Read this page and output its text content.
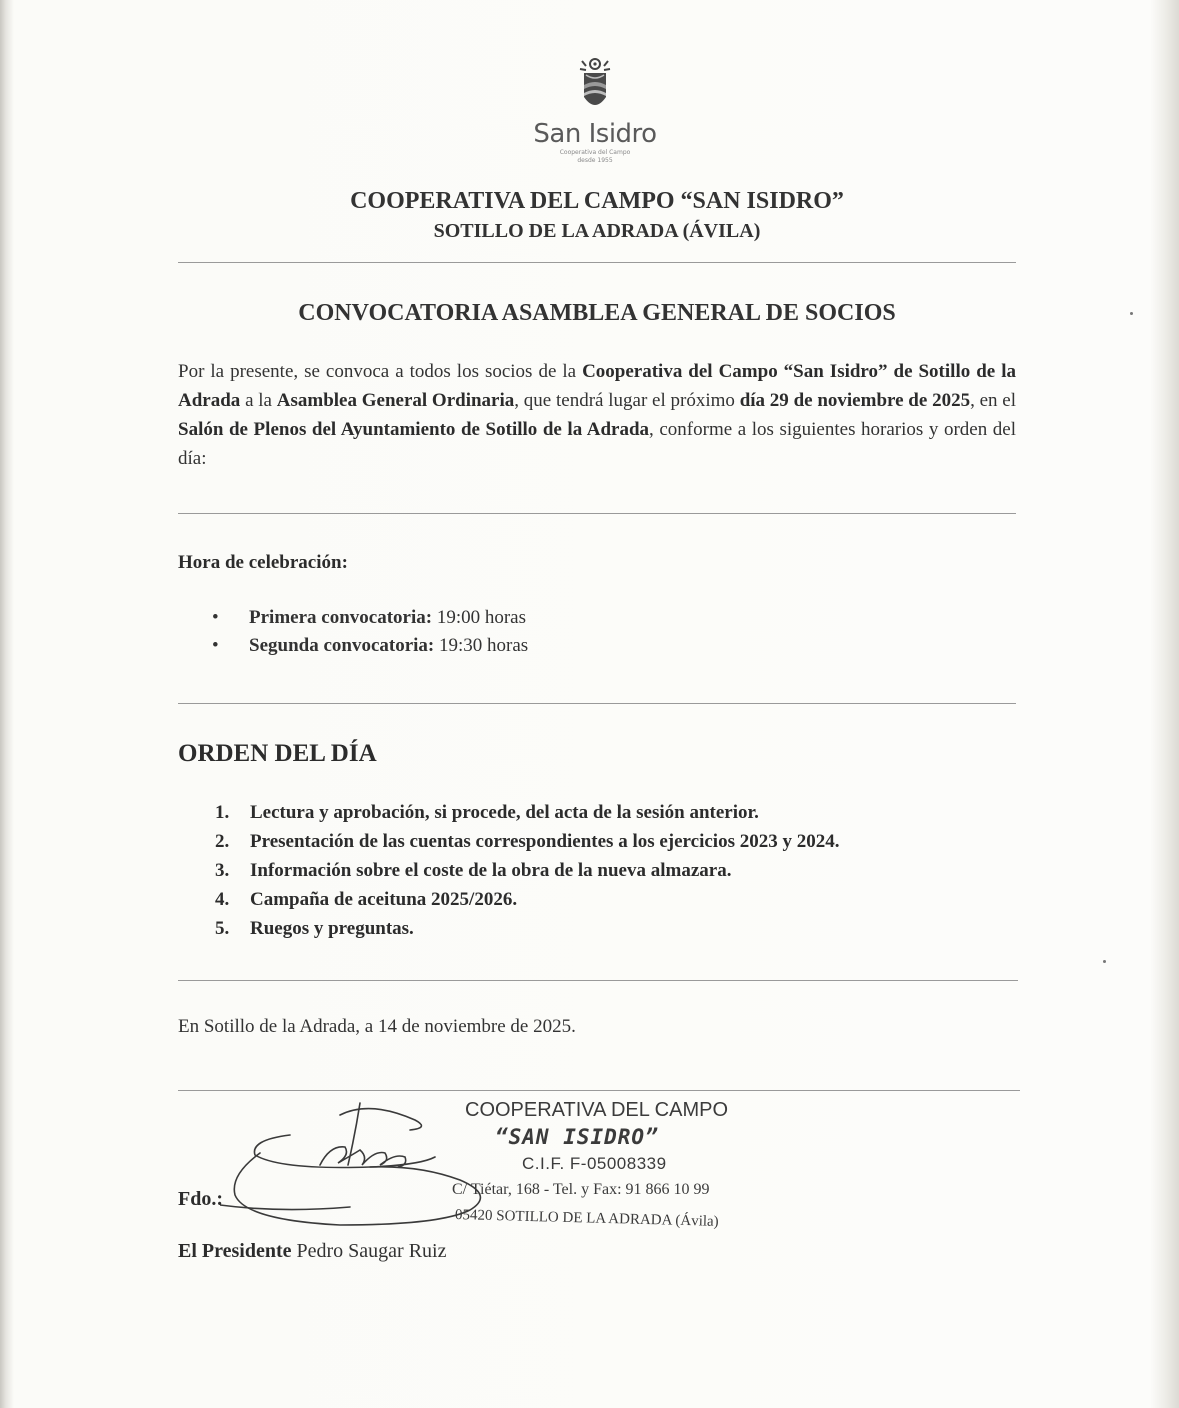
San Isidro
Cooperativa del Campo
desde 1955
COOPERATIVA DEL CAMPO “SAN ISIDRO”
SOTILLO DE LA ADRADA (ÁVILA)
CONVOCATORIA ASAMBLEA GENERAL DE SOCIOS
Por la presente, se convoca a todos los socios de la Cooperativa del Campo “San Isidro” de Sotillo de la Adrada a la Asamblea General Ordinaria, que tendrá lugar el próximo día 29 de noviembre de 2025, en el Salón de Plenos del Ayuntamiento de Sotillo de la Adrada, conforme a los siguientes horarios y orden del día:
Hora de celebración:
• Primera convocatoria: 19:00 horas
• Segunda convocatoria: 19:30 horas
ORDEN DEL DÍA
1. Lectura y aprobación, si procede, del acta de la sesión anterior.
2. Presentación de las cuentas correspondientes a los ejercicios 2023 y 2024.
3. Información sobre el coste de la obra de la nueva almazara.
4. Campaña de aceituna 2025/2026.
5. Ruegos y preguntas.
En Sotillo de la Adrada, a 14 de noviembre de 2025.
COOPERATIVA DEL CAMPO
“SAN ISIDRO”
C.I.F. F-05008339
C/ Tiétar, 168 - Tel. y Fax: 91 866 10 99
05420 SOTILLO DE LA ADRADA (Ávila)
Fdo.:
El Presidente Pedro Saugar Ruiz
